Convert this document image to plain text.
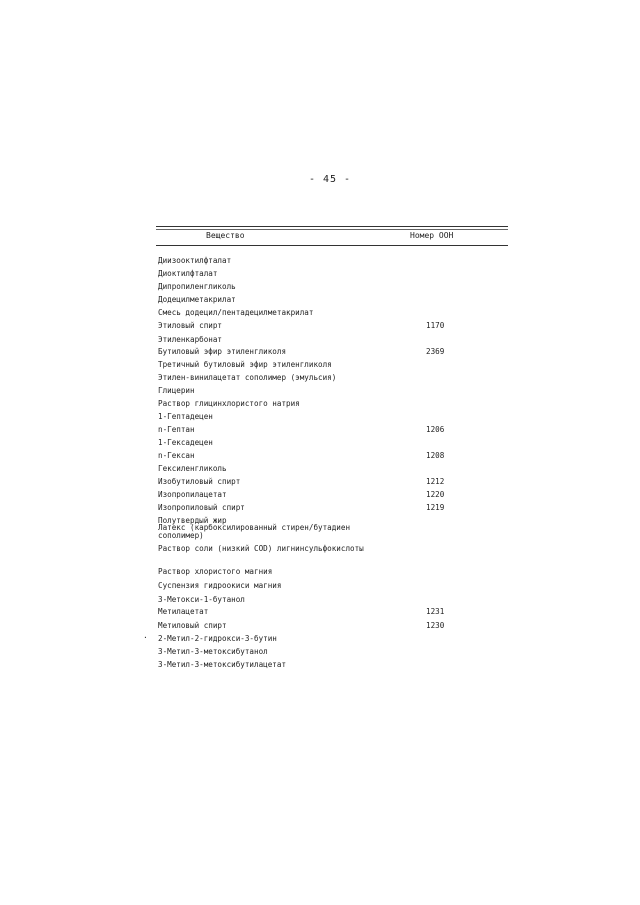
- 45 -
Вещество	Номер ООН
Диизооктилфталат
Диоктилфталат
Дипропиленгликоль
Додецилметакрилат
Смесь додецил/пентадецилметакрилат
Этиловый спирт	1170
Этиленкарбонат
Бутиловый эфир этиленгликоля	2369
Третичный бутиловый эфир этиленгликоля
Этилен-винилацетат сополимер (эмульсия)
Глицерин
Раствор глицинхлористого натрия
1-Гептадецен
n-Гептан	1206
1-Гексадецен
n-Гексан	1208
Гексиленгликоль
Изобутиловый спирт	1212
Изопропилацетат	1220
Изопропиловый спирт	1219
Полутвердый жир
Латекс (карбоксилированный стирен/бутадиен сополимер)
Раствор соли (низкий COD) лигнинсульфокислоты
Раствор хлористого магния
Суспензия гидроокиси магния
3-Метокси-1-бутанол
Метилацетат	1231
Метиловый спирт	1230
2-Метил-2-гидрокси-3-бутин
3-Метил-3-метоксибутанол
3-Метил-3-метоксибутилацетат
.
